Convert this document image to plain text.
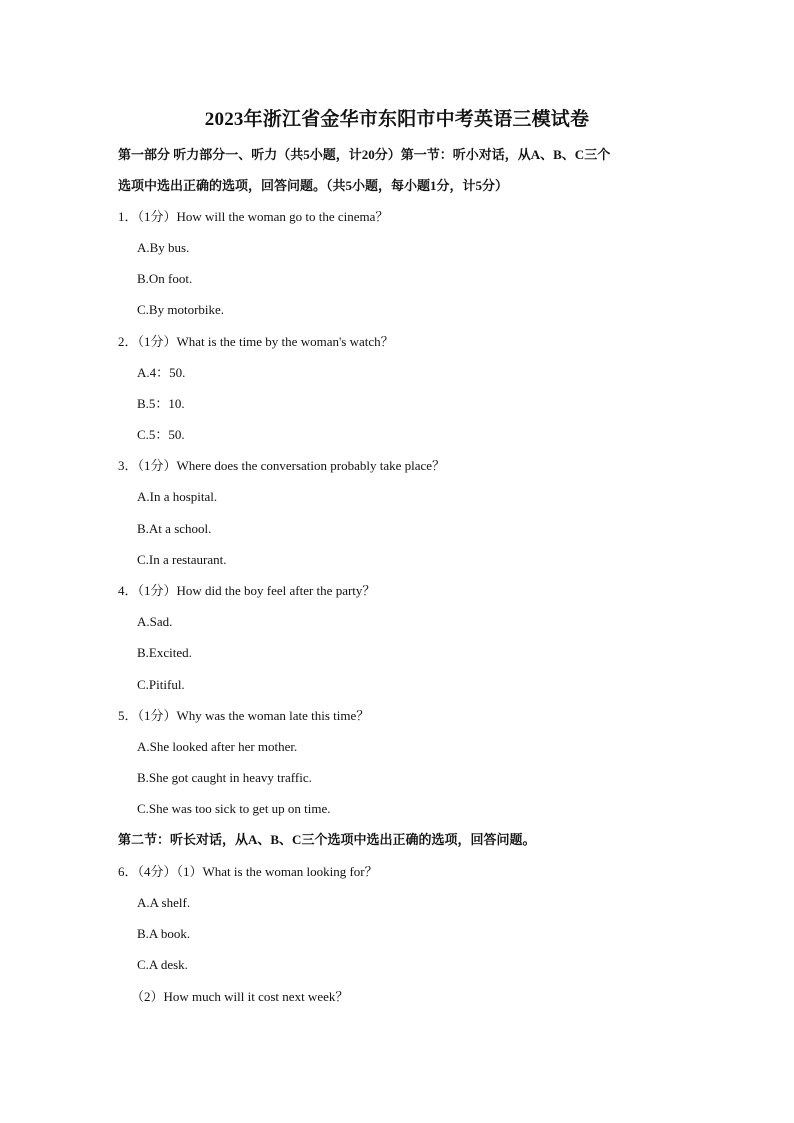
2023年浙江省金华市东阳市中考英语三模试卷
第一部分 听力部分一、听力（共5小题，计20分）第一节：听小对话，从A、B、C三个
选项中选出正确的选项，回答问题。（共5小题，每小题1分，计5分）
1．（1分）How will the woman go to the cinema？
A.By bus.
B.On foot.
C.By motorbike.
2．（1分）What is the time by the woman's watch？
A.4：50.
B.5：10.
C.5：50.
3．（1分）Where does the conversation probably take place？
A.In a hospital.
B.At a school.
C.In a restaurant.
4．（1分）How did the boy feel after the party？
A.Sad.
B.Excited.
C.Pitiful.
5．（1分）Why was the woman late this time？
A.She looked after her mother.
B.She got caught in heavy traffic.
C.She was too sick to get up on time.
第二节：听长对话，从A、B、C三个选项中选出正确的选项，回答问题。
6．（4分）（1）What is the woman looking for？
A.A shelf.
B.A book.
C.A desk.
（2）How much will it cost next week？
